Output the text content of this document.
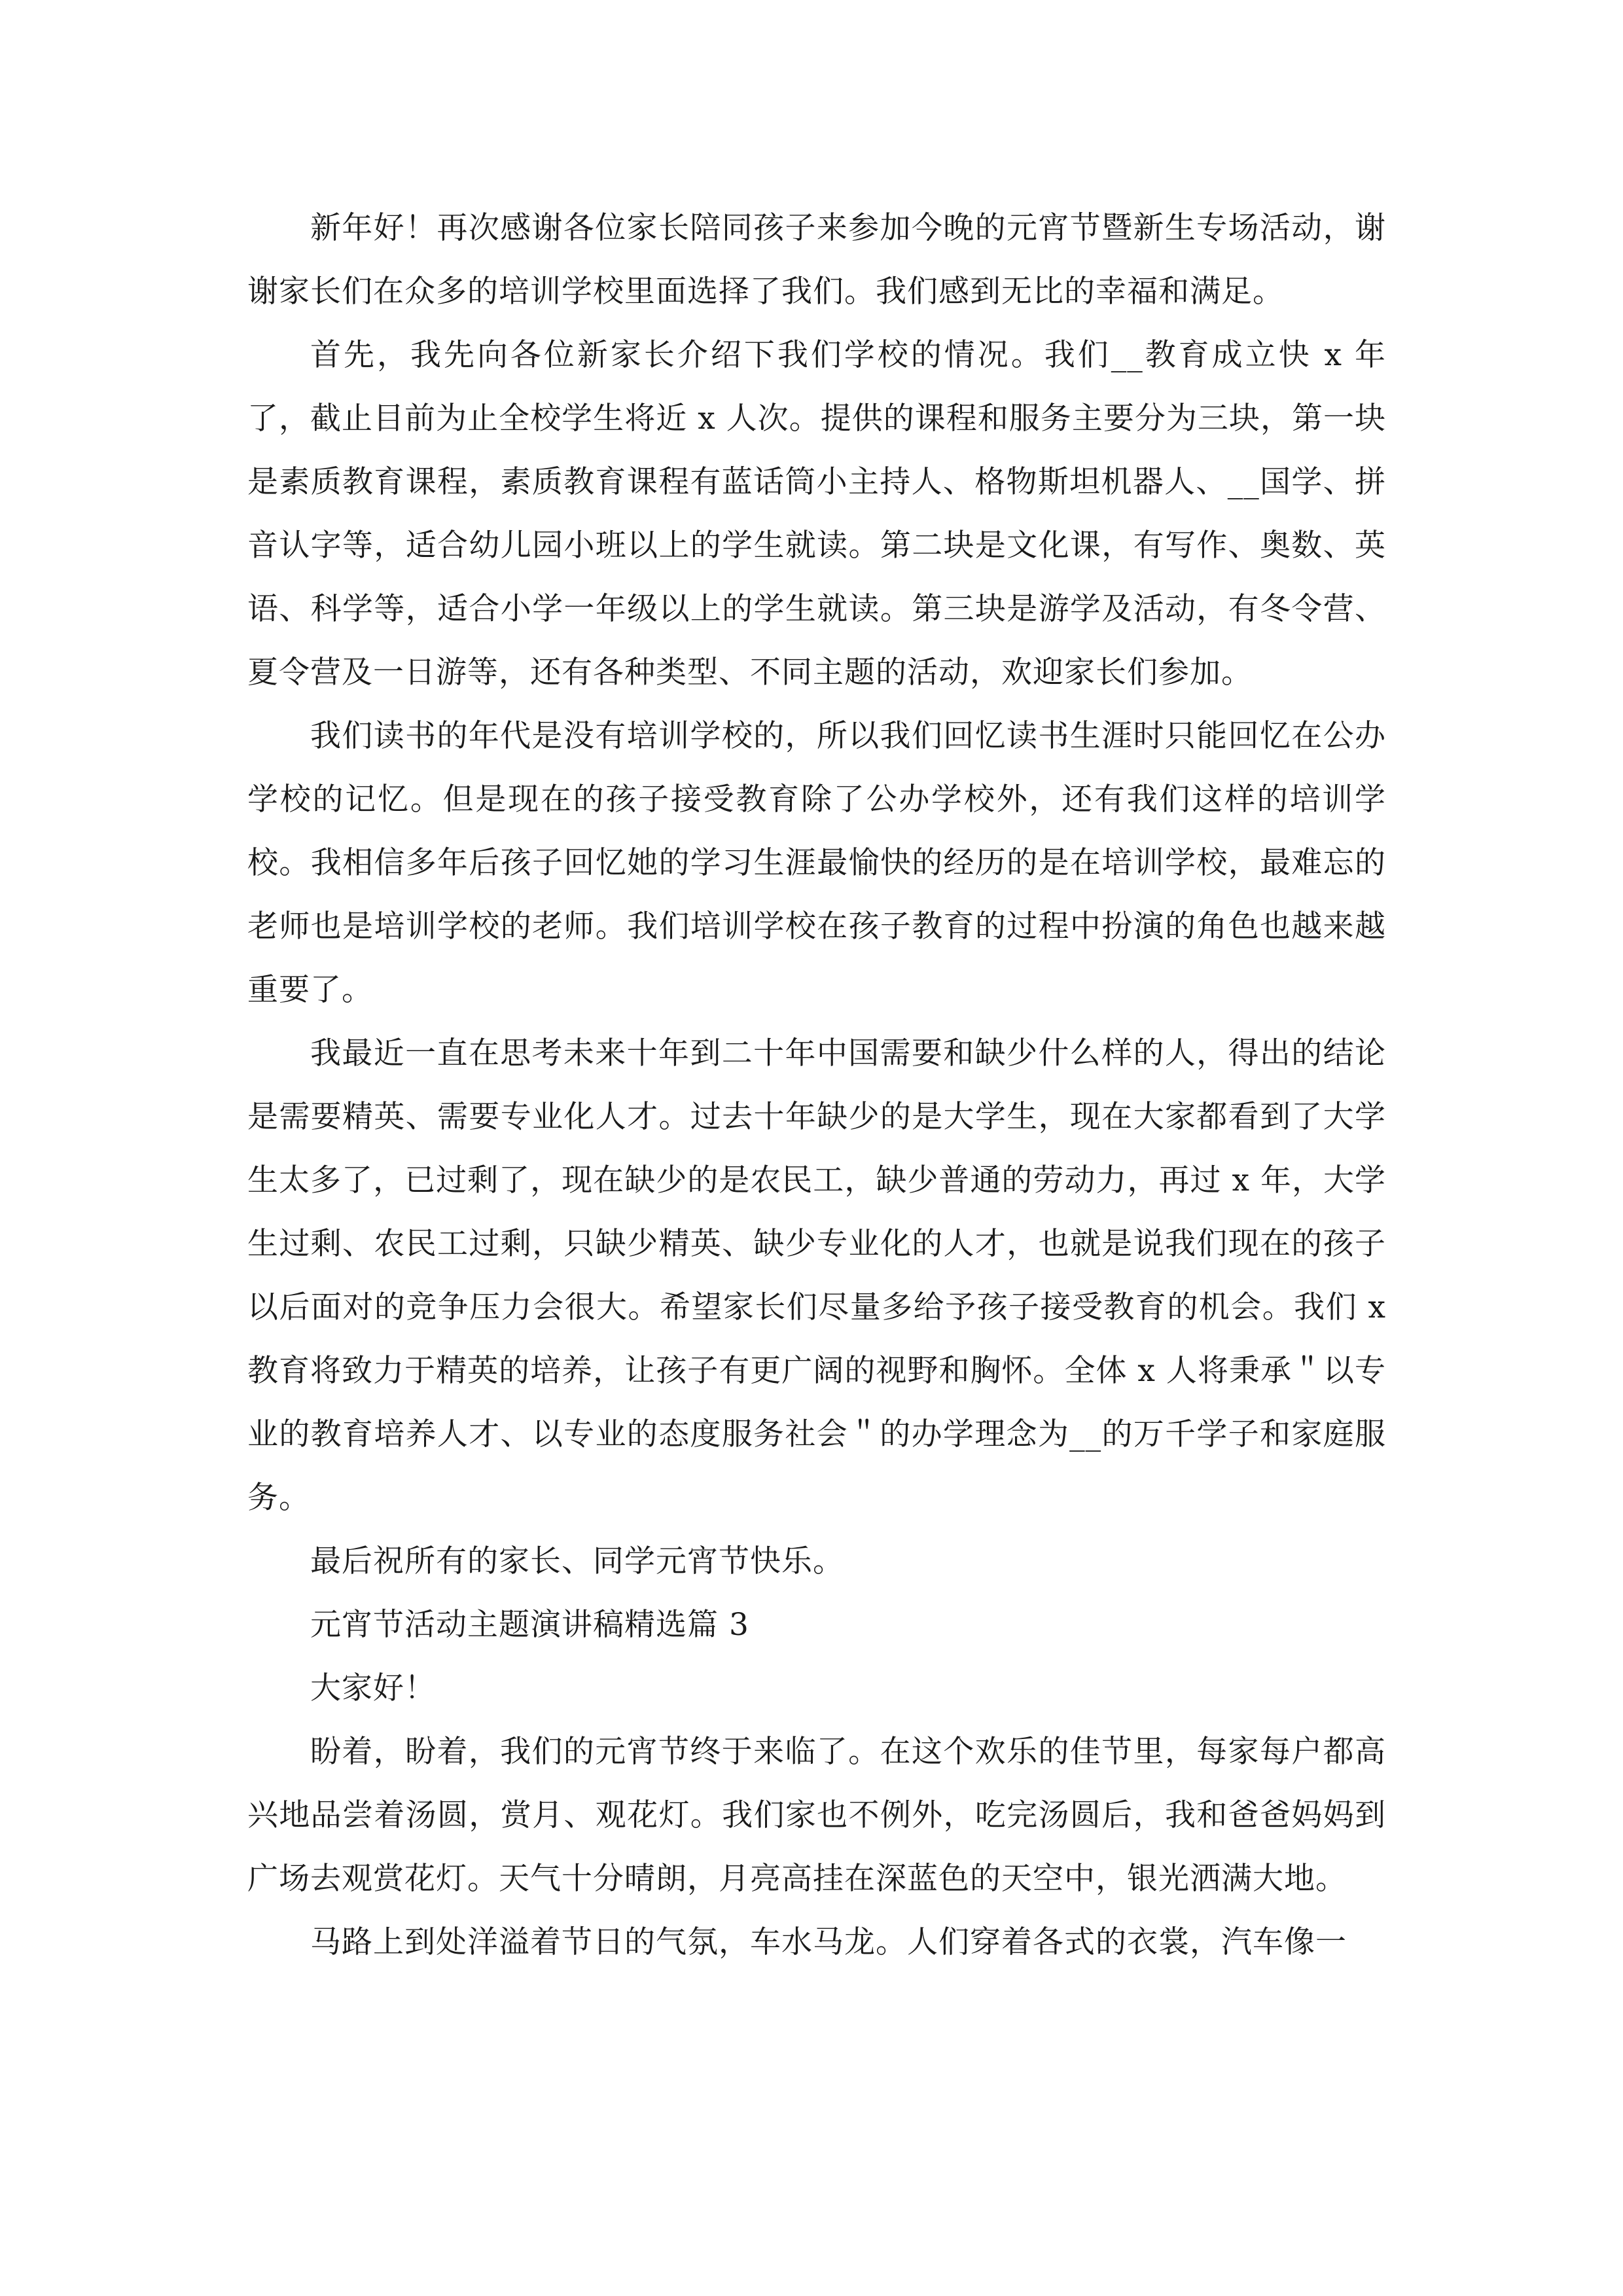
新年好！再次感谢各位家长陪同孩子来参加今晚的元宵节暨新生专场活动，谢谢家长们在众多的培训学校里面选择了我们。我们感到无比的幸福和满足。

首先，我先向各位新家长介绍下我们学校的情况。我们__教育成立快 x 年了，截止目前为止全校学生将近 x 人次。提供的课程和服务主要分为三块，第一块是素质教育课程，素质教育课程有蓝话筒小主持人、格物斯坦机器人、__国学、拼音认字等，适合幼儿园小班以上的学生就读。第二块是文化课，有写作、奥数、英语、科学等，适合小学一年级以上的学生就读。第三块是游学及活动，有冬令营、夏令营及一日游等，还有各种类型、不同主题的活动，欢迎家长们参加。

我们读书的年代是没有培训学校的，所以我们回忆读书生涯时只能回忆在公办学校的记忆。但是现在的孩子接受教育除了公办学校外，还有我们这样的培训学校。我相信多年后孩子回忆她的学习生涯最愉快的经历的是在培训学校，最难忘的老师也是培训学校的老师。我们培训学校在孩子教育的过程中扮演的角色也越来越重要了。

我最近一直在思考未来十年到二十年中国需要和缺少什么样的人，得出的结论是需要精英、需要专业化人才。过去十年缺少的是大学生，现在大家都看到了大学生太多了，已过剩了，现在缺少的是农民工，缺少普通的劳动力，再过 x 年，大学生过剩、农民工过剩，只缺少精英、缺少专业化的人才，也就是说我们现在的孩子以后面对的竞争压力会很大。希望家长们尽量多给予孩子接受教育的机会。我们 x 教育将致力于精英的培养，让孩子有更广阔的视野和胸怀。全体 x 人将秉承＂以专业的教育培养人才、以专业的态度服务社会＂的办学理念为__的万千学子和家庭服务。

最后祝所有的家长、同学元宵节快乐。

元宵节活动主题演讲稿精选篇 3

大家好！

盼着，盼着，我们的元宵节终于来临了。在这个欢乐的佳节里，每家每户都高兴地品尝着汤圆，赏月、观花灯。我们家也不例外，吃完汤圆后，我和爸爸妈妈到广场去观赏花灯。天气十分晴朗，月亮高挂在深蓝色的天空中，银光洒满大地。

马路上到处洋溢着节日的气氛，车水马龙。人们穿着各式的衣裳，汽车像一
